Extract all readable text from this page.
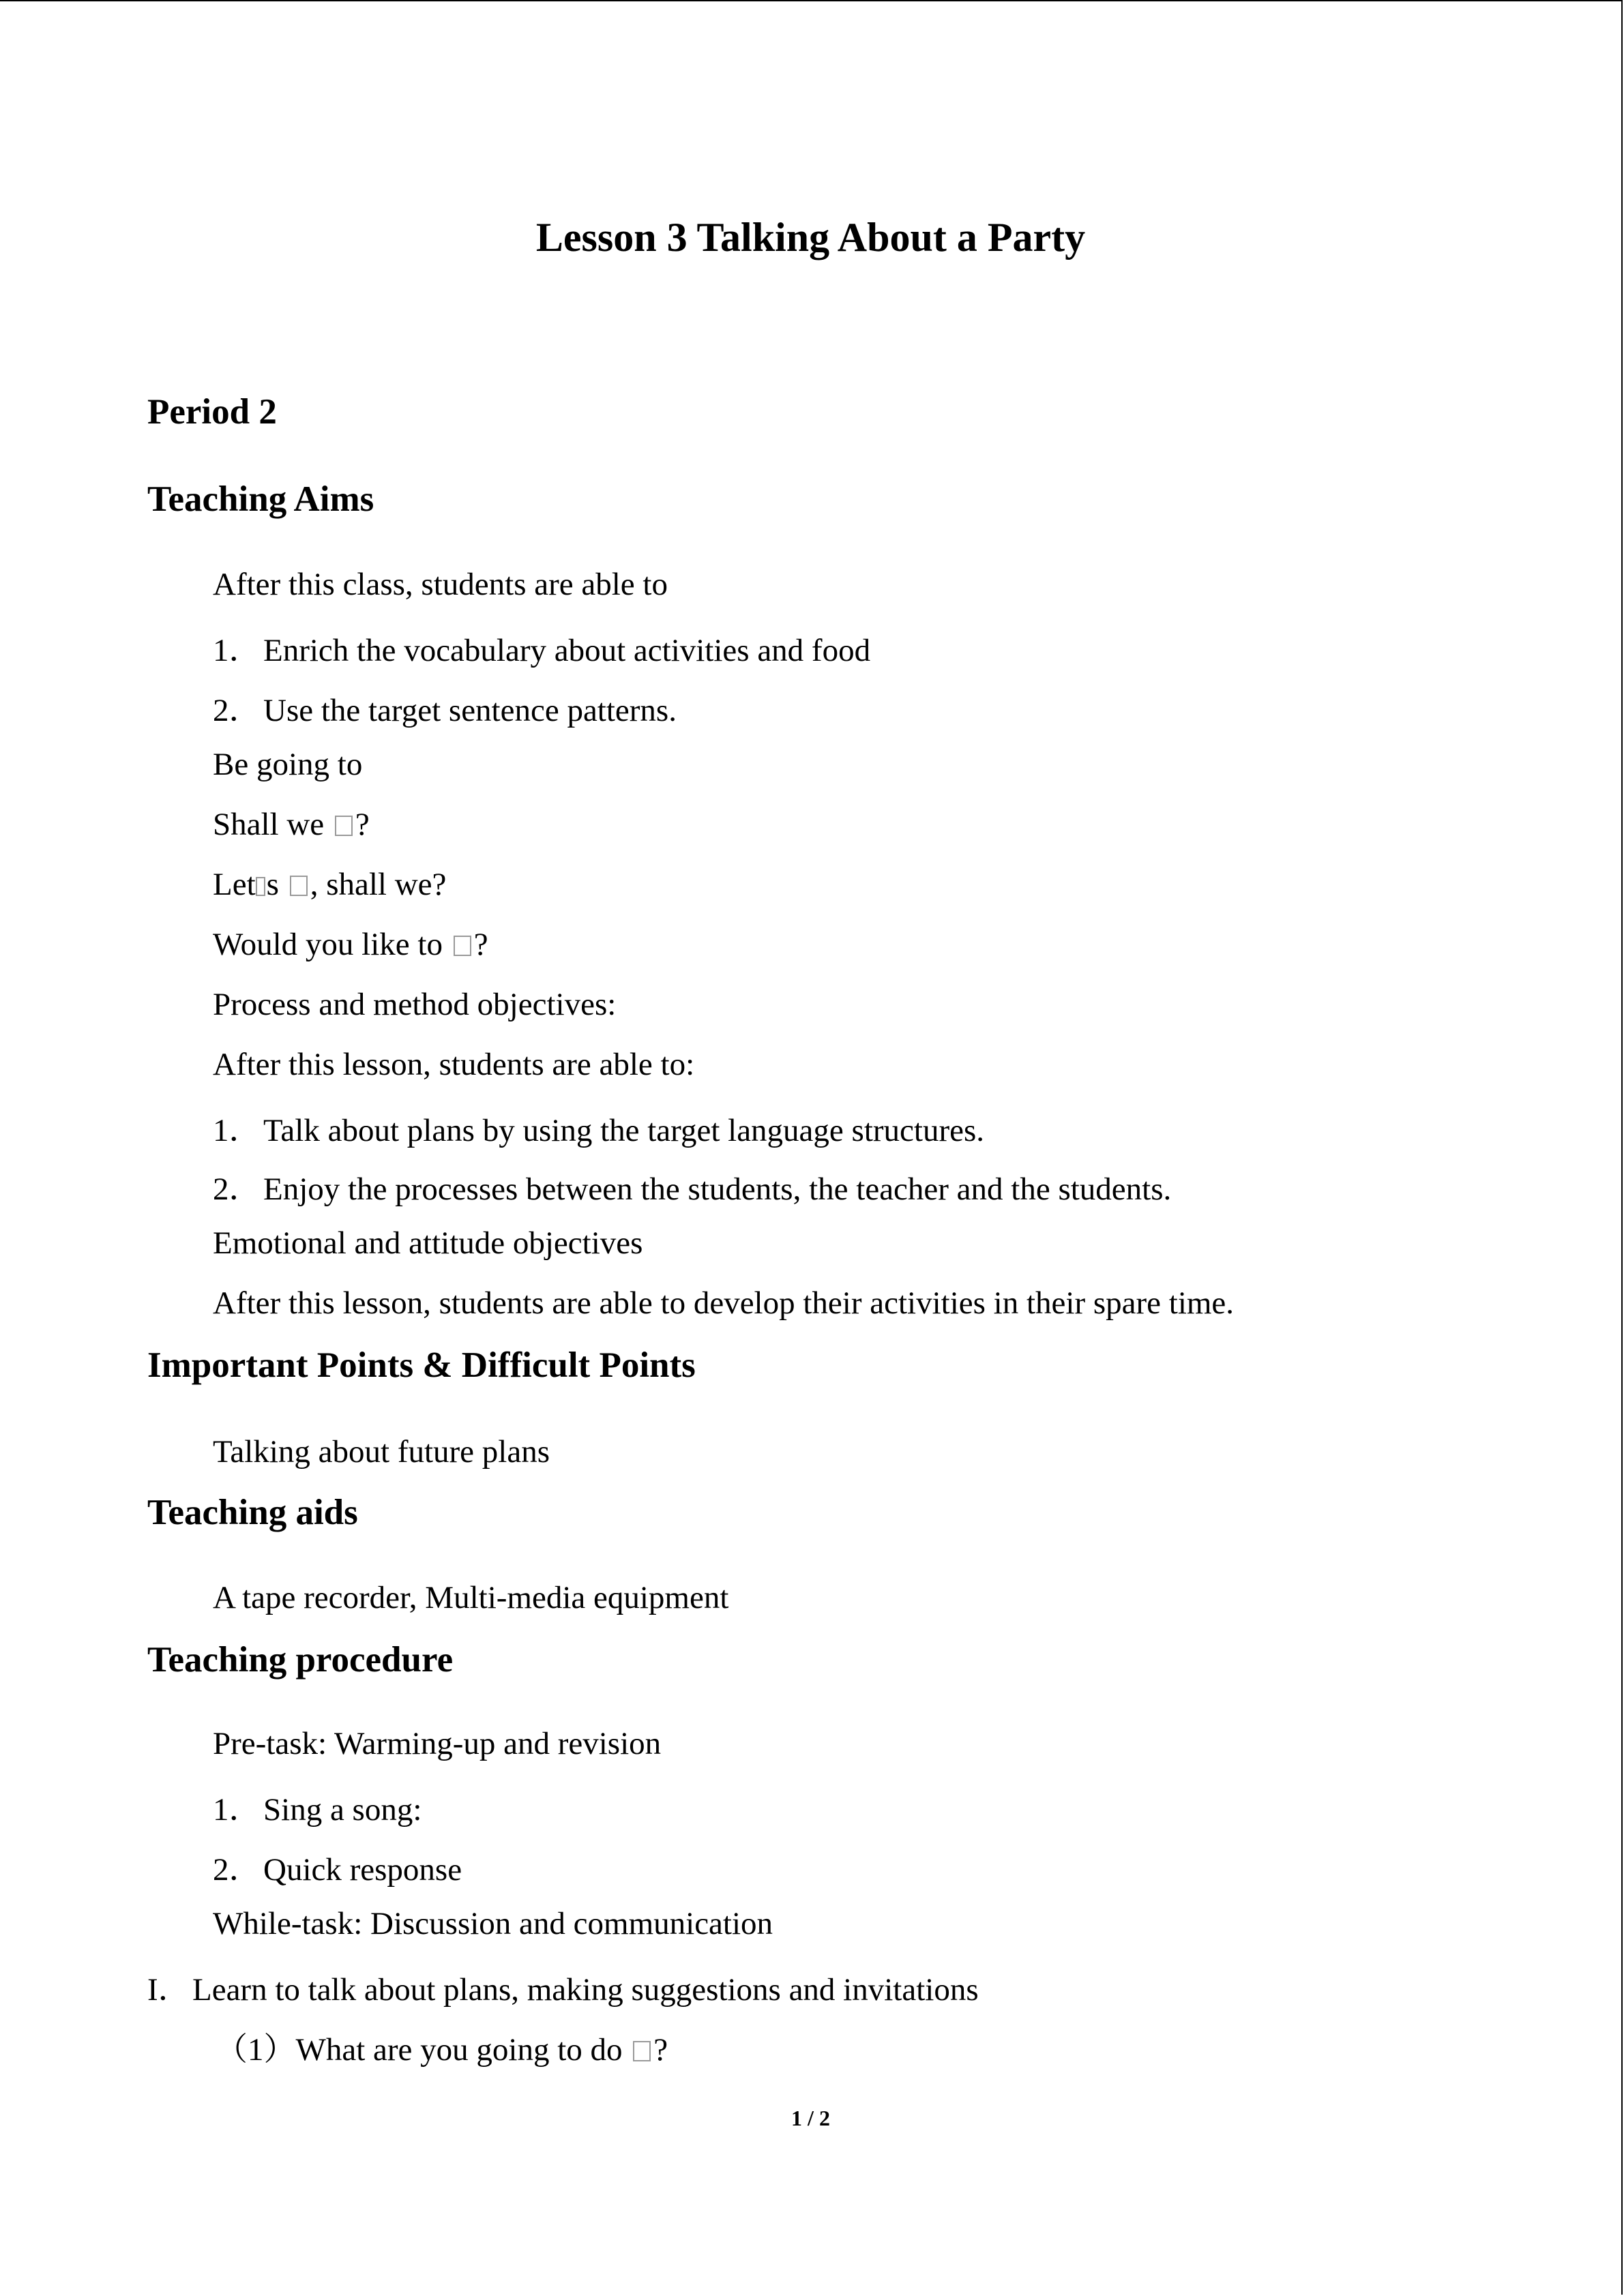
Lesson 3 Talking About a Party
Period 2
Teaching Aims
After this class, students are able to
1．Enrich the vocabulary about activities and food
2．Use the target sentence patterns.
Be going to
Shall we ?
Let s , shall we?
Would you like to ?
Process and method objectives:
After this lesson, students are able to:
1．Talk about plans by using the target language structures.
2．Enjoy the processes between the students, the teacher and the students.
Emotional and attitude objectives
After this lesson, students are able to develop their activities in their spare time.
Important Points & Difficult Points
Talking about future plans
Teaching aids
A tape recorder, Multi-media equipment
Teaching procedure
Pre-task: Warming-up and revision
1．Sing a song:
2．Quick response
While-task: Discussion and communication
I．Learn to talk about plans, making suggestions and invitations
（1）What are you going to do ?
1 / 2
